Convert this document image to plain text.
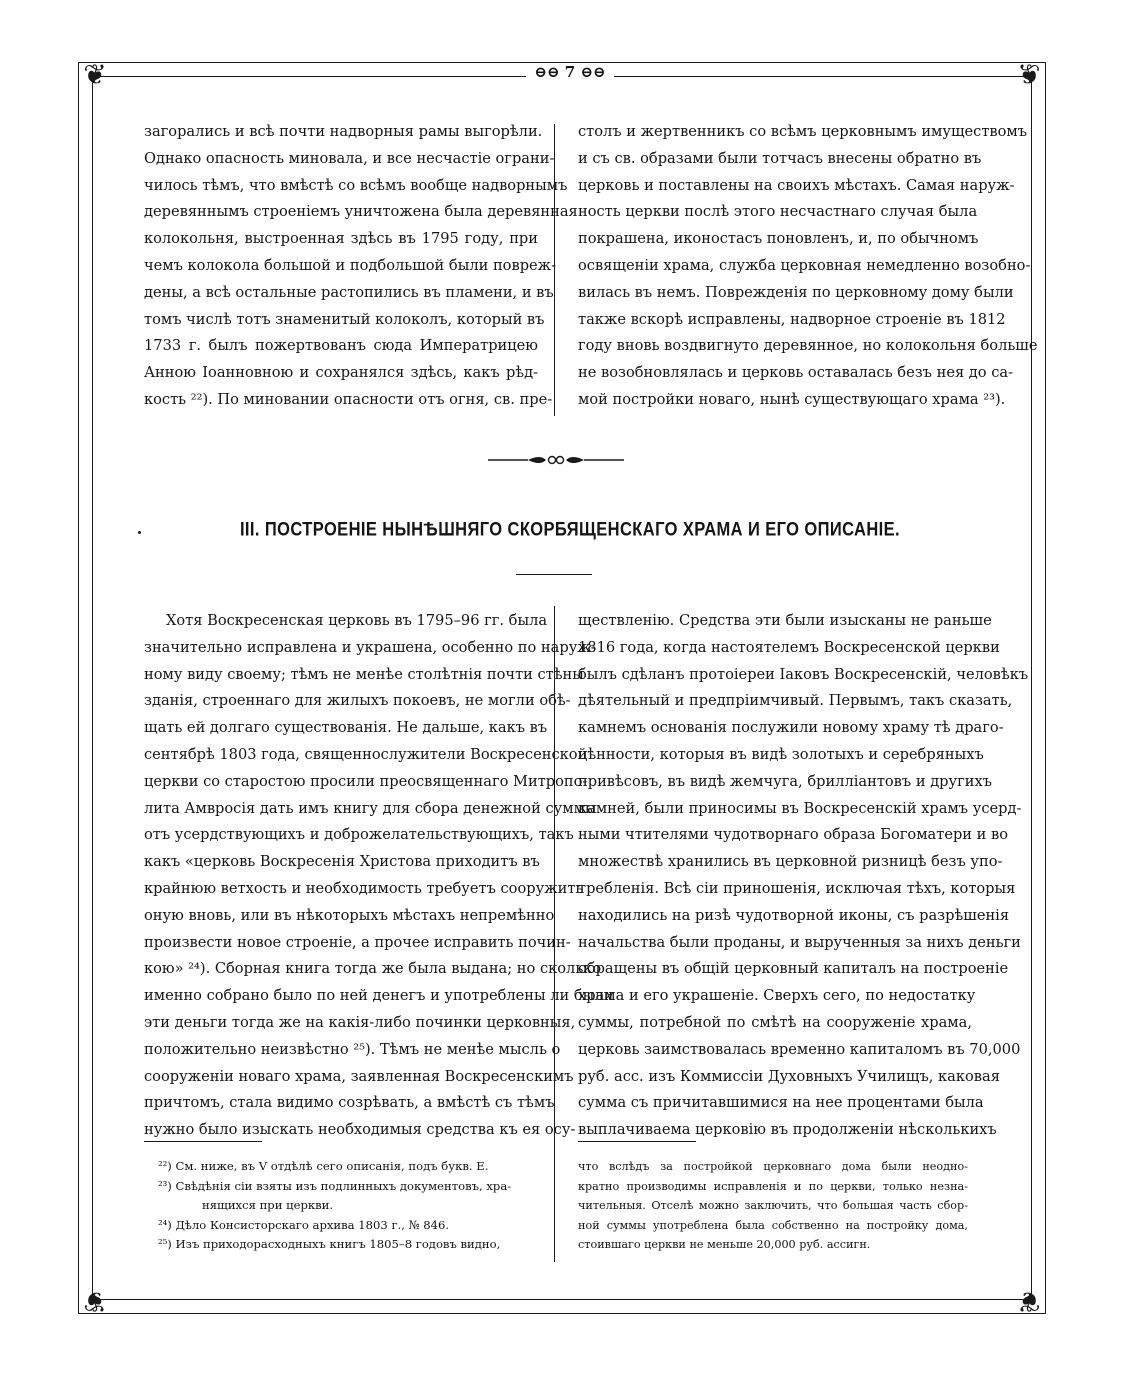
❦	❦
❦	❦
⊖⊖ 7 ⊖⊖
загорались и всѣ почти надворныя рамы выгорѣли.
Однако опасность миновала, и все несчастіе ограни-
чилось тѣмъ, что вмѣстѣ со всѣмъ вообще надворнымъ
деревяннымъ строеніемъ уничтожена была деревянная
колокольня, выстроенная здѣсь въ 1795 году, при
чемъ колокола большой и подбольшой были повреж-
дены, а всѣ остальные растопились въ пламени, и въ
томъ числѣ тотъ знаменитый колоколъ, который въ
1733 г. былъ пожертвованъ сюда Императрицею
Анною Іоанновною и сохранялся здѣсь, какъ рѣд-
кость ²²). По миновании опасности отъ огня, св. пре-
столъ и жертвенникъ со всѣмъ церковнымъ имуществомъ
и съ св. образами были тотчасъ внесены обратно въ
церковь и поставлены на своихъ мѣстахъ. Самая наруж-
ность церкви послѣ этого несчастнаго случая была
покрашена, иконостасъ поновленъ, и, по обычномъ
освященіи храма, служба церковная немедленно возобно-
вилась въ немъ. Поврежденія по церковному дому были
также вскорѣ исправлены, надворное строеніе въ 1812
году вновь воздвигнуто деревянное, но колокольня больше
не возобновлялась и церковь оставалась безъ нея до са-
мой постройки новаго, нынѣ существующаго храма ²³).
III. ПОСТРОЕНІЕ НЫНѢШНЯГО СКОРБЯЩЕНСКАГО ХРАМА И ЕГО ОПИСАНІЕ.
Хотя Воскресенская церковь въ 1795–96 гг. была
значительно исправлена и украшена, особенно по наруж-
ному виду своему; тѣмъ не менѣе столѣтнія почти стѣны
зданія, строеннаго для жилыхъ покоевъ, не могли обѣ-
щать ей долгаго существованія. Не дальше, какъ въ
сентябрѣ 1803 года, священнослужители Воскресенской
церкви со старостою просили преосвященнаго Митропо-
лита Амвросія дать имъ книгу для сбора денежной суммы
отъ усердствующихъ и доброжелательствующихъ, такъ
какъ «церковь Воскресенія Христова приходитъ въ
крайнюю ветхость и необходимость требуетъ сооружить
оную вновь, или въ нѣкоторыхъ мѣстахъ непремѣнно
произвести новое строеніе, а прочее исправить почин-
кою» ²⁴). Сборная книга тогда же была выдана; но сколько
именно собрано было по ней денегъ и употреблены ли были
эти деньги тогда же на какія-либо починки церковныя,
положительно неизвѣстно ²⁵). Тѣмъ не менѣе мысль о
сооруженіи новаго храма, заявленная Воскресенскимъ
причтомъ, стала видимо созрѣвать, а вмѣстѣ съ тѣмъ
нужно было изыскать необходимыя средства къ ея осу-
ществленію. Средства эти были изысканы не раньше
1816 года, когда настоятелемъ Воскресенской церкви
былъ сдѣланъ протоіереи Іаковъ Воскресенскій, человѣкъ
дѣятельный и предпріимчивый. Первымъ, такъ сказать,
камнемъ основанія послужили новому храму тѣ драго-
цѣнности, которыя въ видѣ золотыхъ и серебряныхъ
привѣсовъ, въ видѣ жемчуга, бриллiантовъ и другихъ
камней, были приносимы въ Воскресенскій храмъ усерд-
ными чтителями чудотворнаго образа Богоматери и во
множествѣ хранились въ церковной ризницѣ безъ упо-
требленія. Всѣ сіи приношенія, исключая тѣхъ, которыя
находились на ризѣ чудотворной иконы, съ разрѣшенія
начальства были проданы, и вырученныя за нихъ деньги
обращены въ общій церковный капиталъ на построеніе
храма и его украшеніе. Сверхъ сего, по недостатку
суммы, потребной по смѣтѣ на сооруженіе храма,
церковь заимствовалась временно капиталомъ въ 70,000
руб. асс. изъ Коммиссіи Духовныхъ Училищъ, каковая
сумма съ причитавшимися на нее процентами была
выплачиваема церковію въ продолженіи нѣсколькихъ
²²) См. ниже, въ V отдѣлѣ сего описанія, подъ букв. Е.
²³) Свѣдѣнія сіи взяты изъ подлинныхъ документовъ, хра-
нящихся при церкви.
²⁴) Дѣло Консисторскаго архива 1803 г., № 846.
²⁵) Изъ приходорасходныхъ книгъ 1805–8 годовъ видно,
что вслѣдъ за постройкой церковнаго дома были неодно-
кратно производимы исправленія и по церкви, только незна-
чительныя. Отселѣ можно заключить, что большая часть сбор-
ной суммы употреблена была собственно на постройку дома,
стоившаго церкви не меньше 20,000 руб. ассигн.
